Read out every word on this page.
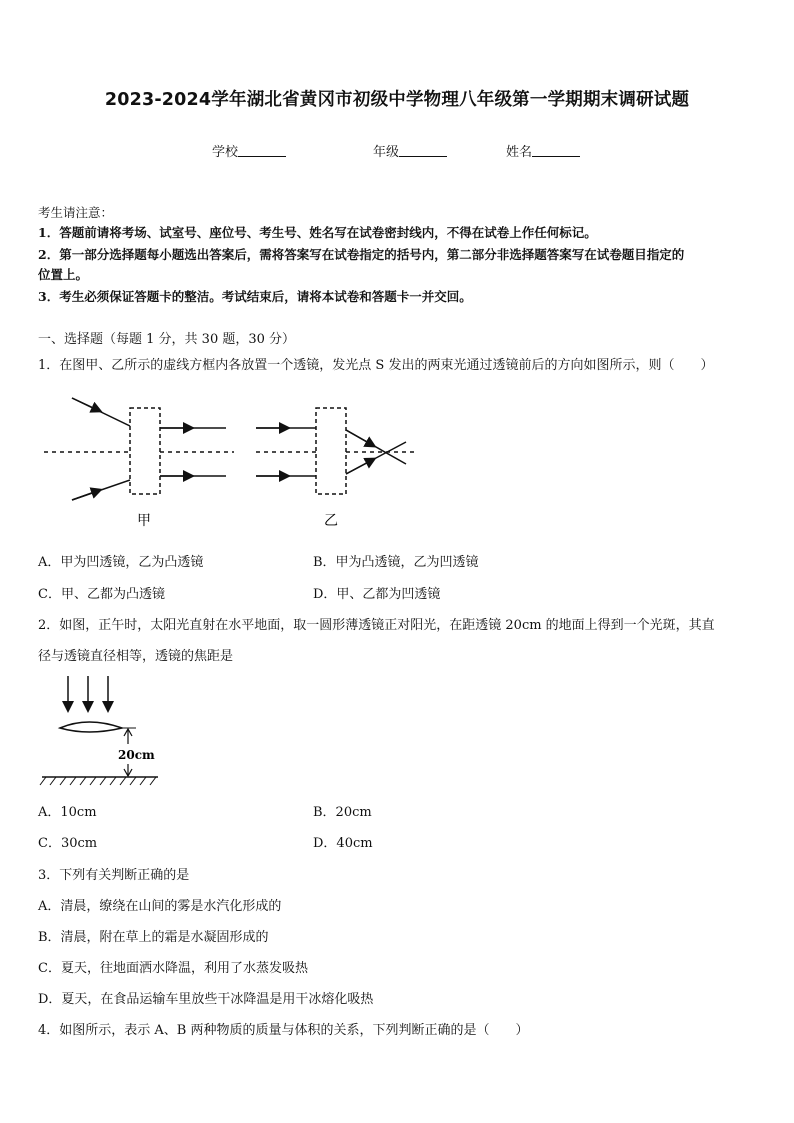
2023-2024学年湖北省黄冈市初级中学物理八年级第一学期期末调研试题
学校	年级	姓名
考生请注意：
1．答题前请将考场、试室号、座位号、考生号、姓名写在试卷密封线内，不得在试卷上作任何标记。
2．第一部分选择题每小题选出答案后，需将答案写在试卷指定的括号内，第二部分非选择题答案写在试卷题目指定的
位置上。
3．考生必须保证答题卡的整洁。考试结束后，请将本试卷和答题卡一并交回。
一、选择题（每题 1 分，共 30 题，30 分）
1．在图甲、乙所示的虚线方框内各放置一个透镜，发光点 S 发出的两束光通过透镜前后的方向如图所示，则（　　）
甲	乙
A．甲为凹透镜，乙为凸透镜	B．甲为凸透镜，乙为凹透镜
C．甲、乙都为凸透镜	D．甲、乙都为凹透镜
2．如图，正午时，太阳光直射在水平地面，取一圆形薄透镜正对阳光，在距透镜 20cm 的地面上得到一个光斑，其直
径与透镜直径相等，透镜的焦距是
20cm
A．10cm	B．20cm
C．30cm	D．40cm
3．下列有关判断正确的是
A．清晨，缭绕在山间的雾是水汽化形成的
B．清晨，附在草上的霜是水凝固形成的
C．夏天，往地面洒水降温，利用了水蒸发吸热
D．夏天，在食品运输车里放些干冰降温是用干冰熔化吸热
4．如图所示，表示 A、B 两种物质的质量与体积的关系，下列判断正确的是（　　）
